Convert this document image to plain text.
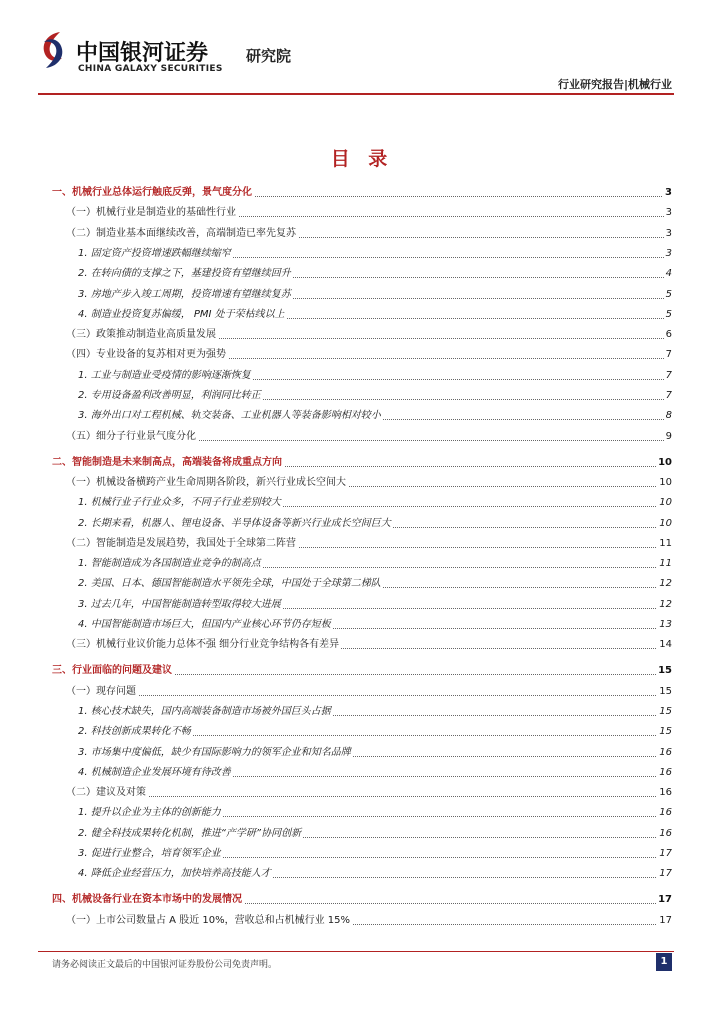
中国银河证券
CHINA GALAXY SECURITIES
研究院
行业研究报告|机械行业
目 录
一、机械行业总体运行触底反弹，景气度分化	3
（一）机械行业是制造业的基础性行业	3
（二）制造业基本面继续改善，高端制造已率先复苏	3
1. 固定资产投资增速跌幅继续缩窄	3
2. 在转向债的支撑之下，基建投资有望继续回升	4
3. 房地产步入竣工周期，投资增速有望继续复苏	5
4. 制造业投资复苏偏缓， PMI 处于荣枯线以上	5
（三）政策推动制造业高质量发展	6
（四）专业设备的复苏相对更为强势	7
1. 工业与制造业受疫情的影响逐渐恢复	7
2. 专用设备盈利改善明显，利润同比转正	7
3. 海外出口对工程机械、轨交装备、工业机器人等装备影响相对较小	8
（五）细分子行业景气度分化	9
二、智能制造是未来制高点，高端装备将成重点方向	10
（一）机械设备横跨产业生命周期各阶段，新兴行业成长空间大	10
1. 机械行业子行业众多，不同子行业差别较大	10
2. 长期来看，机器人、锂电设备、半导体设备等新兴行业成长空间巨大	10
（二）智能制造是发展趋势，我国处于全球第二阵营	11
1. 智能制造成为各国制造业竞争的制高点	11
2. 美国、日本、德国智能制造水平领先全球，中国处于全球第二梯队	12
3. 过去几年，中国智能制造转型取得较大进展	12
4. 中国智能制造市场巨大，但国内产业核心环节仍存短板	13
（三）机械行业议价能力总体不强 细分行业竞争结构各有差异	14
三、行业面临的问题及建议	15
（一）现存问题	15
1. 核心技术缺失，国内高端装备制造市场被外国巨头占据	15
2. 科技创新成果转化不畅	15
3. 市场集中度偏低，缺少有国际影响力的领军企业和知名品牌	16
4. 机械制造企业发展环境有待改善	16
（二）建议及对策	16
1. 提升以企业为主体的创新能力	16
2. 健全科技成果转化机制，推进“产学研”协同创新	16
3. 促进行业整合，培育领军企业	17
4. 降低企业经营压力，加快培养高技能人才	17
四、机械设备行业在资本市场中的发展情况	17
（一）上市公司数量占 A 股近 10%，营收总和占机械行业 15%	17
请务必阅读正文最后的中国银河证券股份公司免责声明。	1
